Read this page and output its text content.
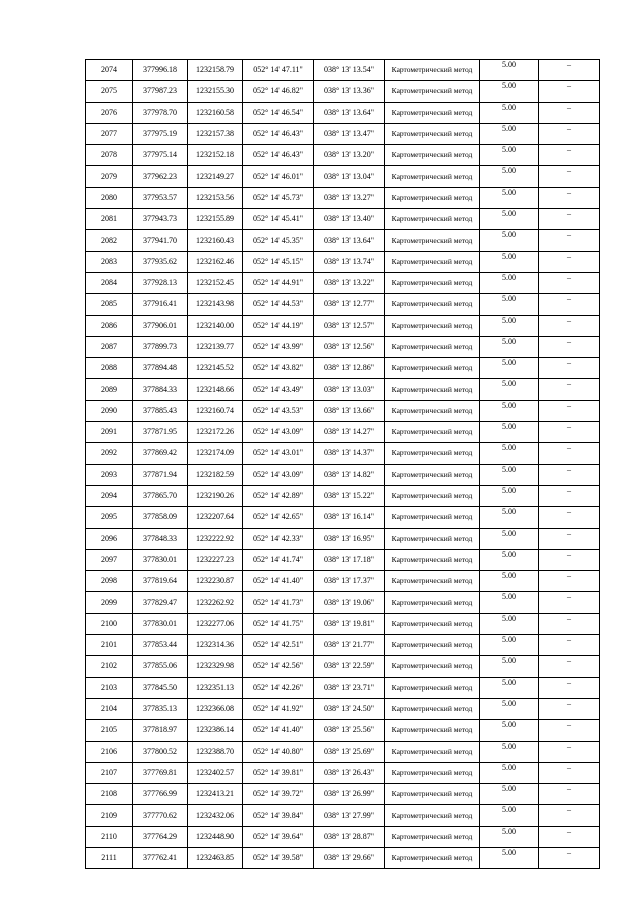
2074	377996.18	1232158.79	052° 14' 47.11"	038° 13' 13.54"	Картометрический метод	5.00	–
2075	377987.23	1232155.30	052° 14' 46.82"	038° 13' 13.36"	Картометрический метод	5.00	–
2076	377978.70	1232160.58	052° 14' 46.54"	038° 13' 13.64"	Картометрический метод	5.00	–
2077	377975.19	1232157.38	052° 14' 46.43"	038° 13' 13.47"	Картометрический метод	5.00	–
2078	377975.14	1232152.18	052° 14' 46.43"	038° 13' 13.20"	Картометрический метод	5.00	–
2079	377962.23	1232149.27	052° 14' 46.01"	038° 13' 13.04"	Картометрический метод	5.00	–
2080	377953.57	1232153.56	052° 14' 45.73"	038° 13' 13.27"	Картометрический метод	5.00	–
2081	377943.73	1232155.89	052° 14' 45.41"	038° 13' 13.40"	Картометрический метод	5.00	–
2082	377941.70	1232160.43	052° 14' 45.35"	038° 13' 13.64"	Картометрический метод	5.00	–
2083	377935.62	1232162.46	052° 14' 45.15"	038° 13' 13.74"	Картометрический метод	5.00	–
2084	377928.13	1232152.45	052° 14' 44.91"	038° 13' 13.22"	Картометрический метод	5.00	–
2085	377916.41	1232143.98	052° 14' 44.53"	038° 13' 12.77"	Картометрический метод	5.00	–
2086	377906.01	1232140.00	052° 14' 44.19"	038° 13' 12.57"	Картометрический метод	5.00	–
2087	377899.73	1232139.77	052° 14' 43.99"	038° 13' 12.56"	Картометрический метод	5.00	–
2088	377894.48	1232145.52	052° 14' 43.82"	038° 13' 12.86"	Картометрический метод	5.00	–
2089	377884.33	1232148.66	052° 14' 43.49"	038° 13' 13.03"	Картометрический метод	5.00	–
2090	377885.43	1232160.74	052° 14' 43.53"	038° 13' 13.66"	Картометрический метод	5.00	–
2091	377871.95	1232172.26	052° 14' 43.09"	038° 13' 14.27"	Картометрический метод	5.00	–
2092	377869.42	1232174.09	052° 14' 43.01"	038° 13' 14.37"	Картометрический метод	5.00	–
2093	377871.94	1232182.59	052° 14' 43.09"	038° 13' 14.82"	Картометрический метод	5.00	–
2094	377865.70	1232190.26	052° 14' 42.89"	038° 13' 15.22"	Картометрический метод	5.00	–
2095	377858.09	1232207.64	052° 14' 42.65"	038° 13' 16.14"	Картометрический метод	5.00	–
2096	377848.33	1232222.92	052° 14' 42.33"	038° 13' 16.95"	Картометрический метод	5.00	–
2097	377830.01	1232227.23	052° 14' 41.74"	038° 13' 17.18"	Картометрический метод	5.00	–
2098	377819.64	1232230.87	052° 14' 41.40"	038° 13' 17.37"	Картометрический метод	5.00	–
2099	377829.47	1232262.92	052° 14' 41.73"	038° 13' 19.06"	Картометрический метод	5.00	–
2100	377830.01	1232277.06	052° 14' 41.75"	038° 13' 19.81"	Картометрический метод	5.00	–
2101	377853.44	1232314.36	052° 14' 42.51"	038° 13' 21.77"	Картометрический метод	5.00	–
2102	377855.06	1232329.98	052° 14' 42.56"	038° 13' 22.59"	Картометрический метод	5.00	–
2103	377845.50	1232351.13	052° 14' 42.26"	038° 13' 23.71"	Картометрический метод	5.00	–
2104	377835.13	1232366.08	052° 14' 41.92"	038° 13' 24.50"	Картометрический метод	5.00	–
2105	377818.97	1232386.14	052° 14' 41.40"	038° 13' 25.56"	Картометрический метод	5.00	–
2106	377800.52	1232388.70	052° 14' 40.80"	038° 13' 25.69"	Картометрический метод	5.00	–
2107	377769.81	1232402.57	052° 14' 39.81"	038° 13' 26.43"	Картометрический метод	5.00	–
2108	377766.99	1232413.21	052° 14' 39.72"	038° 13' 26.99"	Картометрический метод	5.00	–
2109	377770.62	1232432.06	052° 14' 39.84"	038° 13' 27.99"	Картометрический метод	5.00	–
2110	377764.29	1232448.90	052° 14' 39.64"	038° 13' 28.87"	Картометрический метод	5.00	–
2111	377762.41	1232463.85	052° 14' 39.58"	038° 13' 29.66"	Картометрический метод	5.00	–
